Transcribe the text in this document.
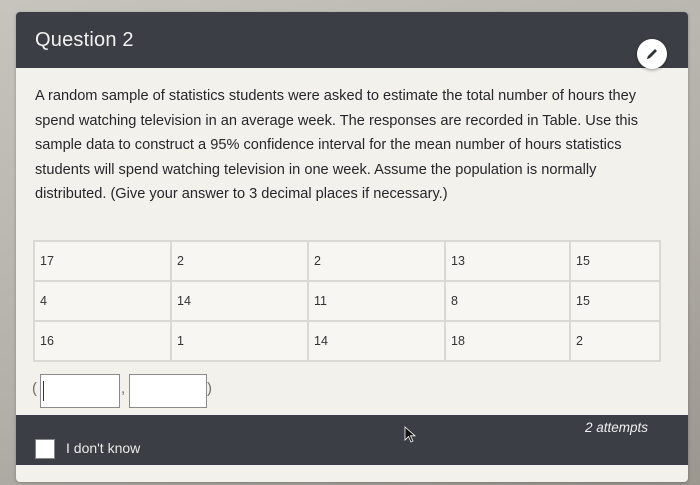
Question 2
A random sample of statistics students were asked to estimate the total number of hours they spend watching television in an average week. The responses are recorded in Table. Use this sample data to construct a 95% confidence interval for the mean number of hours statistics students will spend watching television in one week. Assume the population is normally distributed. (Give your answer to 3 decimal places if necessary.)
17	2	2	13	15
4	14	11	8	15
16	1	14	18	2
(	,	)
I don't know
2 attempts
